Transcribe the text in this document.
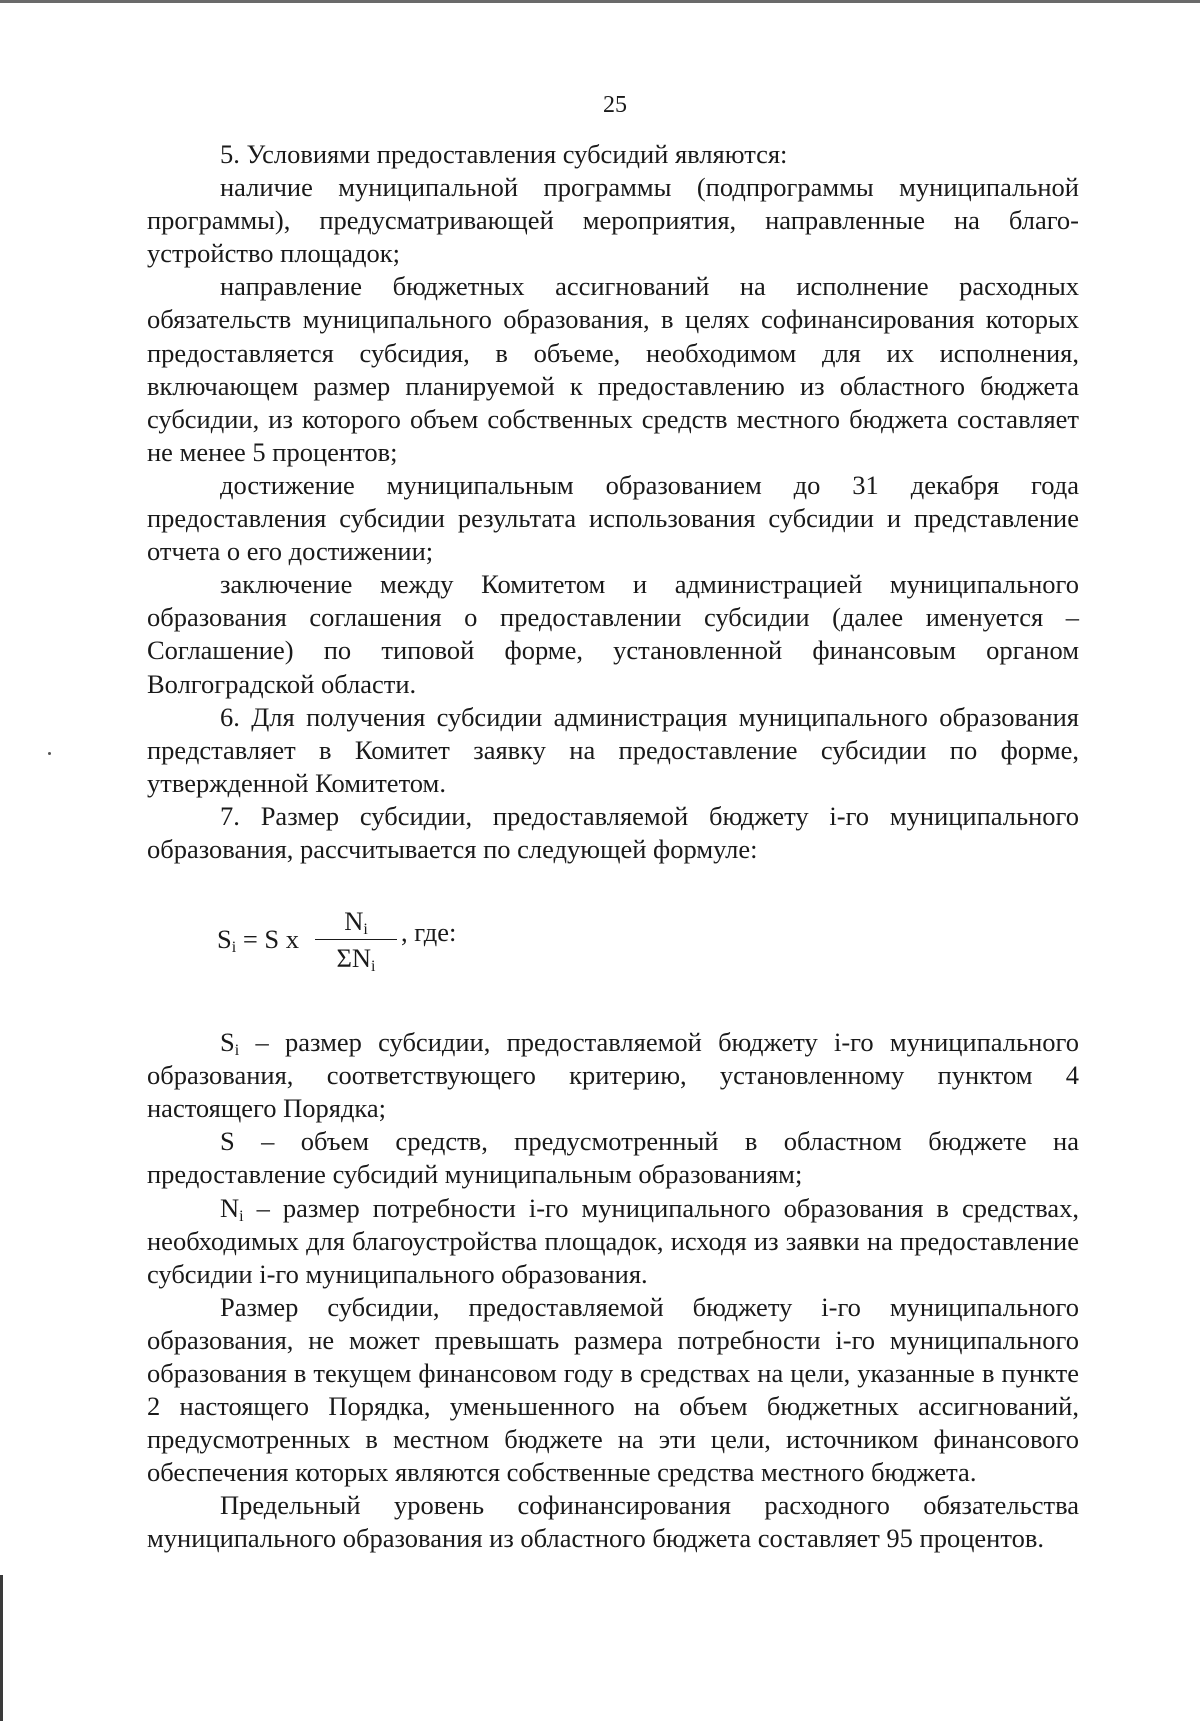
25

5. Условиями предоставления субсидий являются:

наличие муниципальной программы (подпрограммы муниципальной программы), предусматривающей мероприятия, направленные на благоустройство площадок;

направление бюджетных ассигнований на исполнение расходных обязательств муниципального образования, в целях софинансирования которых предоставляется субсидия, в объеме, необходимом для их исполнения, включающем размер планируемой к предоставлению из областного бюджета субсидии, из которого объем собственных средств местного бюджета составляет не менее 5 процентов;

достижение муниципальным образованием до 31 декабря года предоставления субсидии результата использования субсидии и представление отчета о его достижении;

заключение между Комитетом и администрацией муниципального образования соглашения о предоставлении субсидии (далее именуется – Соглашение) по типовой форме, установленной финансовым органом Волгоградской области.

6. Для получения субсидии администрация муниципального образования представляет в Комитет заявку на предоставление субсидии по форме, утвержденной Комитетом.

7. Размер субсидии, предоставляемой бюджету i-го муниципального образования, рассчитывается по следующей формуле:

$S_i = S$ x
$N_i$
$\Sigma N_i$
, где:

$S_i$ – размер субсидии, предоставляемой бюджету i-го муниципального образования, соответствующего критерию, установленному пунктом 4 настоящего Порядка;

S – объем средств, предусмотренный в областном бюджете на предоставление субсидий муниципальным образованиям;

$N_i$ – размер потребности i-го муниципального образования в средствах, необходимых для благоустройства площадок, исходя из заявки на предоставление субсидии i-го муниципального образования.

Размер субсидии, предоставляемой бюджету i-го муниципального образования, не может превышать размера потребности i-го муниципального образования в текущем финансовом году в средствах на цели, указанные в пункте 2 настоящего Порядка, уменьшенного на объем бюджетных ассигнований, предусмотренных в местном бюджете на эти цели, источником финансового обеспечения которых являются собственные средства местного бюджета.

Предельный уровень софинансирования расходного обязательства муниципального образования из областного бюджета составляет 95 процентов.
